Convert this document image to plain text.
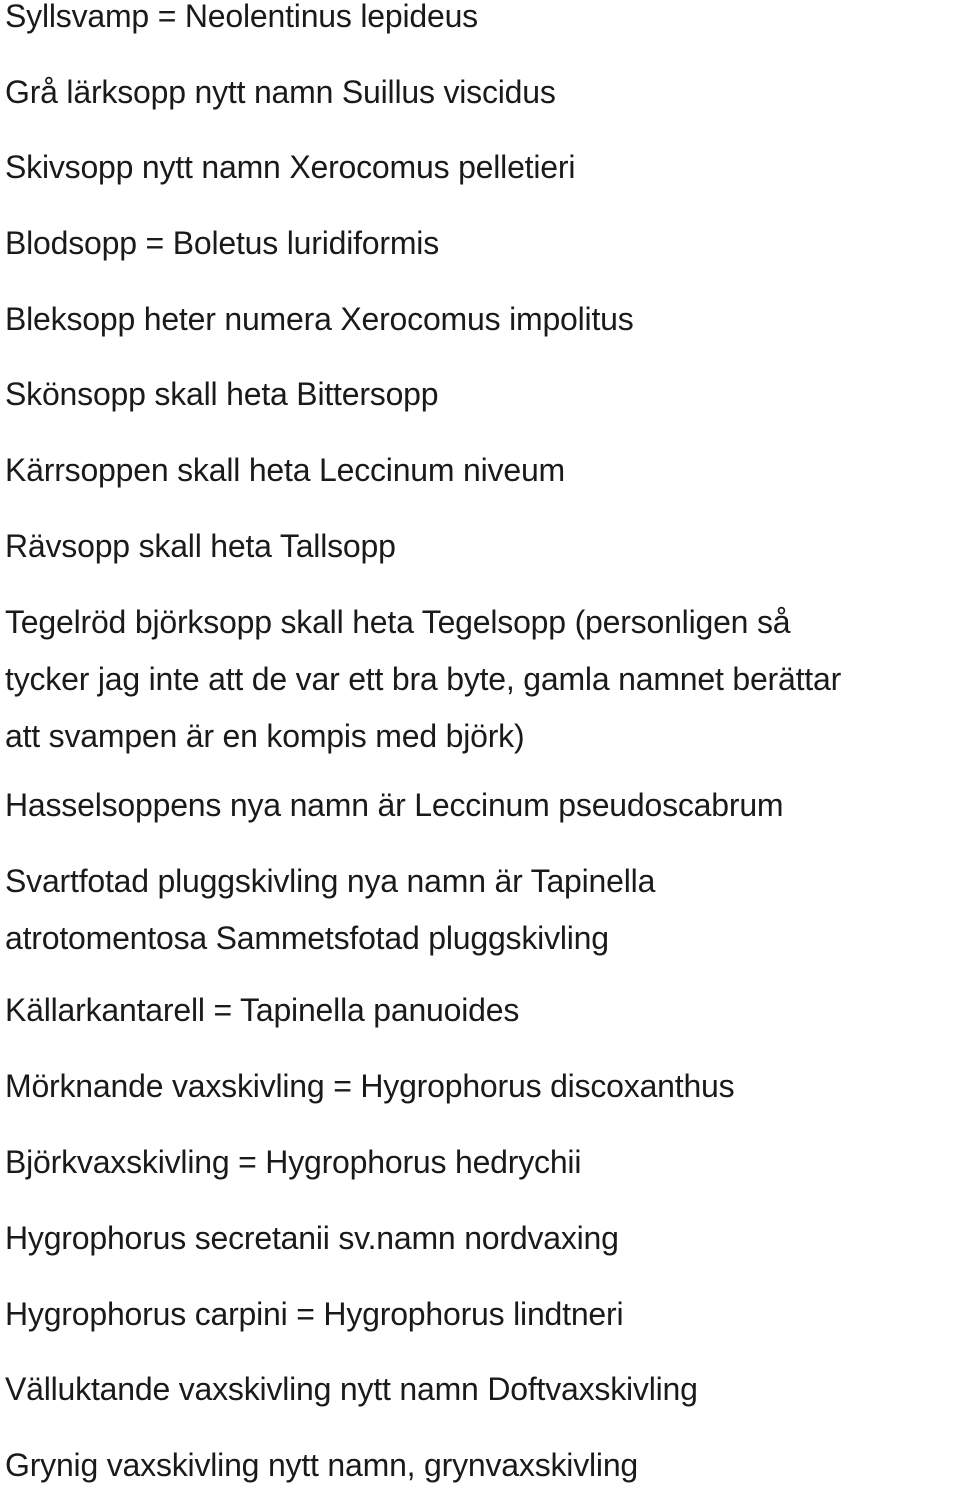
Syllsvamp = Neolentinus lepideus

Grå lärksopp nytt namn Suillus viscidus

Skivsopp nytt namn Xerocomus pelletieri

Blodsopp = Boletus luridiformis

Bleksopp heter numera Xerocomus impolitus

Skönsopp skall heta Bittersopp

Kärrsoppen skall heta Leccinum niveum

Rävsopp skall heta Tallsopp

Tegelröd björksopp skall heta Tegelsopp (personligen så
tycker jag inte att de var ett bra byte, gamla namnet berättar
att svampen är en kompis med björk)

Hasselsoppens nya namn är Leccinum pseudoscabrum

Svartfotad pluggskivling nya namn är Tapinella
atrotomentosa Sammetsfotad pluggskivling

Källarkantarell = Tapinella panuoides

Mörknande vaxskivling = Hygrophorus discoxanthus

Björkvaxskivling = Hygrophorus hedrychii

Hygrophorus secretanii sv.namn nordvaxing

Hygrophorus carpini = Hygrophorus lindtneri

Välluktande vaxskivling nytt namn Doftvaxskivling

Grynig vaxskivling nytt namn, grynvaxskivling
